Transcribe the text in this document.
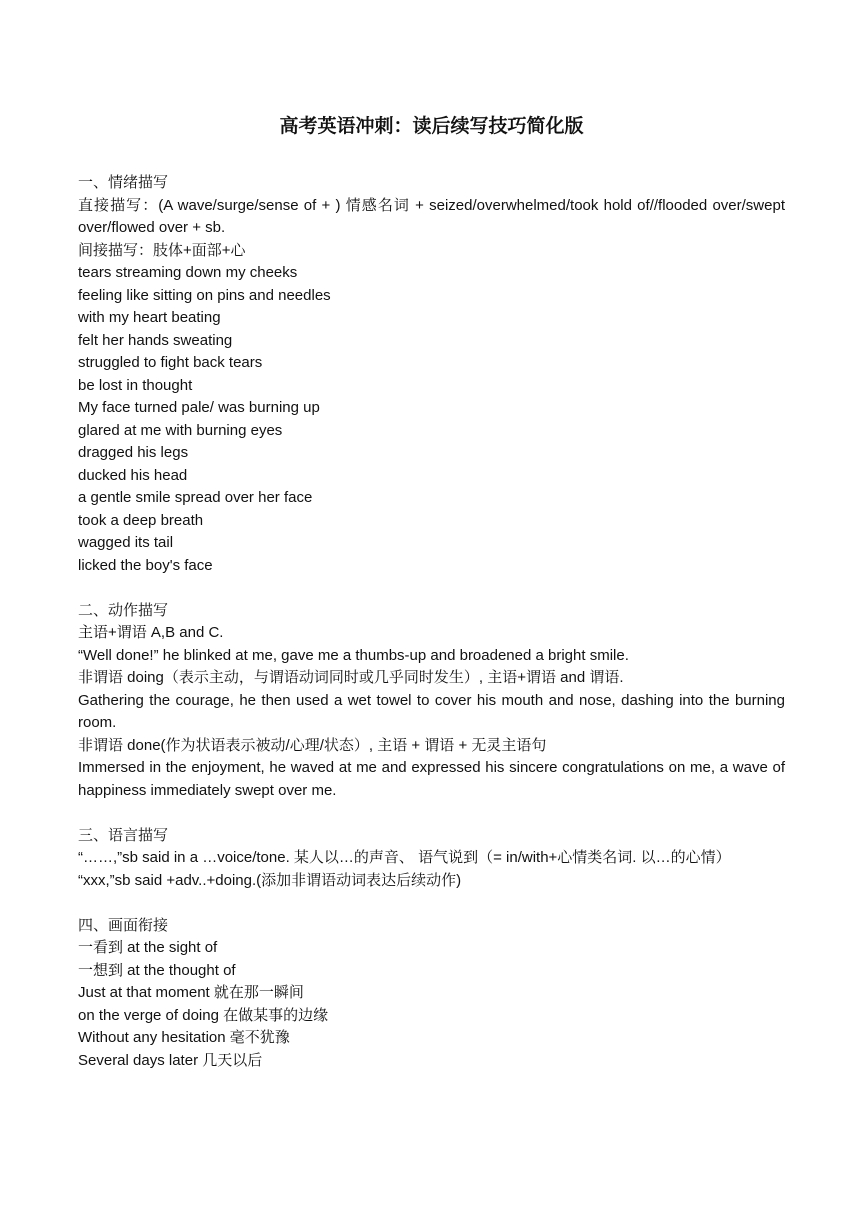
高考英语冲刺：读后续写技巧简化版
一、情绪描写
直接描写：(A wave/surge/sense of + ) 情感名词 + seized/overwhelmed/took hold of//flooded over/swept over/flowed over + sb.
间接描写：肢体+面部+心
tears streaming down my cheeks
feeling like sitting on pins and needles
with my heart beating
felt her hands sweating
struggled to fight back tears
be lost in thought
My face turned pale/ was burning up
glared at me with burning eyes
dragged his legs
ducked his head
a gentle smile spread over her face
took a deep breath
wagged its tail
licked the boy's face
二、动作描写
主语+谓语 A,B and C.
“Well done!” he blinked at me, gave me a thumbs-up and broadened a bright smile.
非谓语 doing（表示主动，与谓语动词同时或几乎同时发生）, 主语+谓语 and 谓语.
Gathering the courage, he then used a wet towel to cover his mouth and nose, dashing into the burning room.
非谓语 done(作为状语表示被动/心理/状态）, 主语 + 谓语 + 无灵主语句
Immersed in the enjoyment, he waved at me and expressed his sincere congratulations on me, a wave of happiness immediately swept over me.
三、语言描写
“……,”sb said in a …voice/tone. 某人以…的声音、 语气说到（= in/with+心情类名词. 以…的心情）
“xxx,”sb said +adv..+doing.(添加非谓语动词表达后续动作)
四、画面衔接
一看到 at the sight of
一想到 at the thought of
Just at that moment 就在那一瞬间
on the verge of doing 在做某事的边缘
Without any hesitation 毫不犹豫
Several days later 几天以后
